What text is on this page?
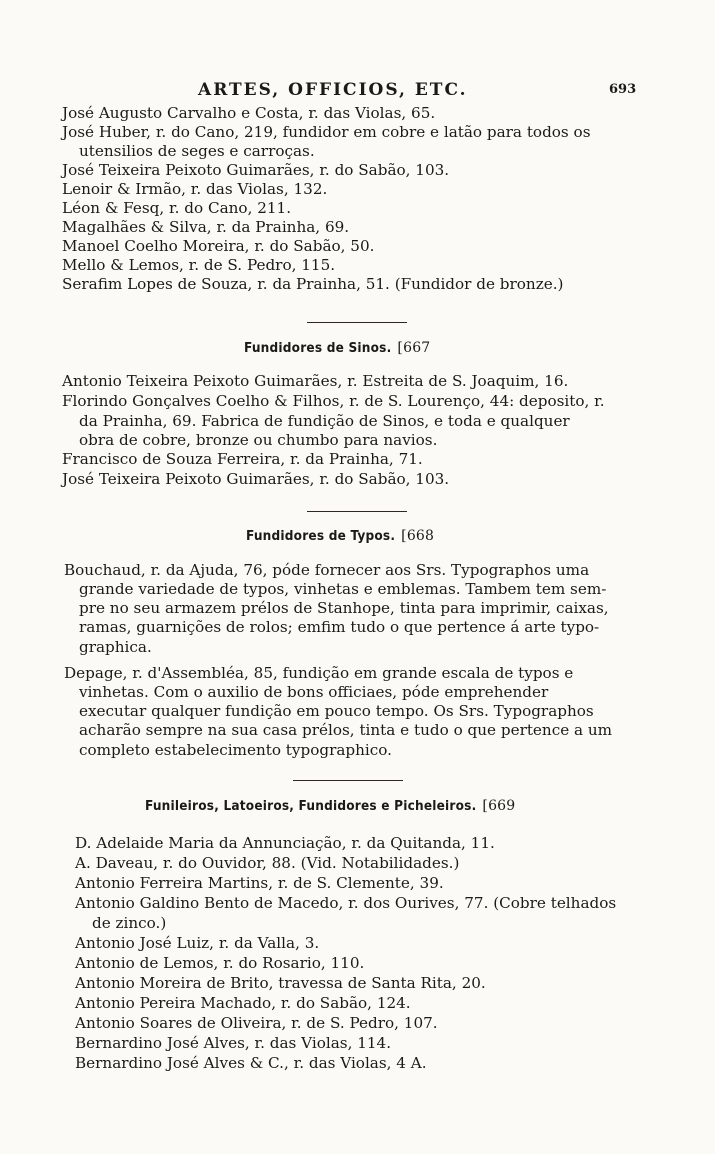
ARTES, OFFICIOS, ETC.	693
José Augusto Carvalho e Costa, r. das Violas, 65.
José Huber, r. do Cano, 219, fundidor em cobre e latão para todos os
utensilios de seges e carroças.
José Teixeira Peixoto Guimarães, r. do Sabão, 103.
Lenoir & Irmão, r. das Violas, 132.
Léon & Fesq, r. do Cano, 211.
Magalhães & Silva, r. da Prainha, 69.
Manoel Coelho Moreira, r. do Sabão, 50.
Mello & Lemos, r. de S. Pedro, 115.
Serafim Lopes de Souza, r. da Prainha, 51. (Fundidor de bronze.)
Fundidores de Sinos. [667
Antonio Teixeira Peixoto Guimarães, r. Estreita de S. Joaquim, 16.
Florindo Gonçalves Coelho & Filhos, r. de S. Lourenço, 44: deposito, r.
da Prainha, 69. Fabrica de fundição de Sinos, e toda e qualquer
obra de cobre, bronze ou chumbo para navios.
Francisco de Souza Ferreira, r. da Prainha, 71.
José Teixeira Peixoto Guimarães, r. do Sabão, 103.
Fundidores de Typos. [668
Bouchaud, r. da Ajuda, 76, póde fornecer aos Srs. Typographos uma
grande variedade de typos, vinhetas e emblemas. Tambem tem sem-
pre no seu armazem prélos de Stanhope, tinta para imprimir, caixas,
ramas, guarnições de rolos; emfim tudo o que pertence á arte typo-
graphica.
Depage, r. d'Assembléa, 85, fundição em grande escala de typos e
vinhetas. Com o auxilio de bons officiaes, póde emprehender
executar qualquer fundição em pouco tempo. Os Srs. Typographos
acharão sempre na sua casa prélos, tinta e tudo o que pertence a um
completo estabelecimento typographico.
Funileiros, Latoeiros, Fundidores e Picheleiros. [669
D. Adelaide Maria da Annunciação, r. da Quitanda, 11.
A. Daveau, r. do Ouvidor, 88. (Vid. Notabilidades.)
Antonio Ferreira Martins, r. de S. Clemente, 39.
Antonio Galdino Bento de Macedo, r. dos Ourives, 77. (Cobre telhados
de zinco.)
Antonio José Luiz, r. da Valla, 3.
Antonio de Lemos, r. do Rosario, 110.
Antonio Moreira de Brito, travessa de Santa Rita, 20.
Antonio Pereira Machado, r. do Sabão, 124.
Antonio Soares de Oliveira, r. de S. Pedro, 107.
Bernardino José Alves, r. das Violas, 114.
Bernardino José Alves & C., r. das Violas, 4 A.
